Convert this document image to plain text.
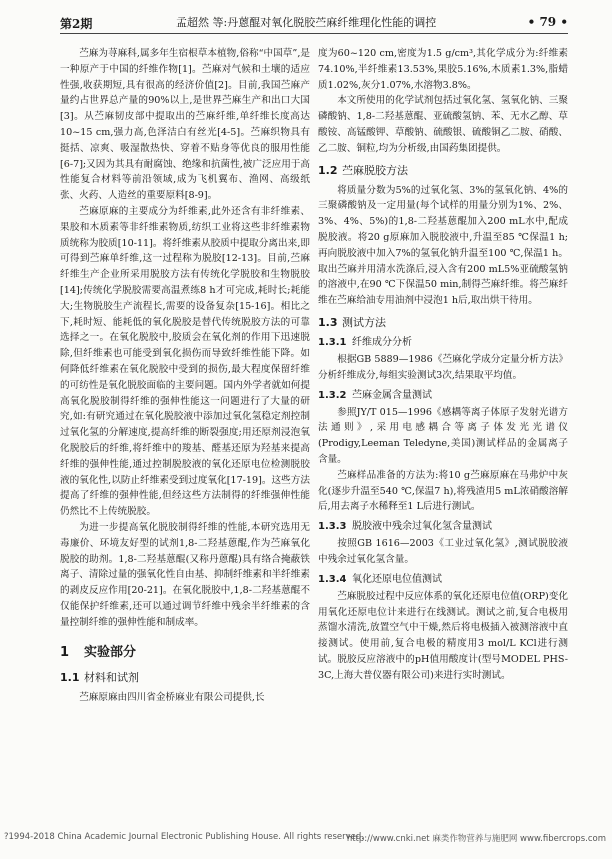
第2期	孟超然 等:丹蒽醌对氧化脱胶苎麻纤维理化性能的调控	• 79 •

苎麻为荨麻科,属多年生宿根草本植物,俗称“中国草”,是一种原产于中国的纤维作物[1]。苎麻对气候和土壤的适应性强,收获期短,具有很高的经济价值[2]。目前,我国苎麻产量约占世界总产量的90%以上,是世界苎麻生产和出口大国[3]。从苎麻韧皮部中提取出的苎麻纤维,单纤维长度高达10~15 cm,强力高,色泽洁白有丝光[4-5]。苎麻织物具有挺括、凉爽、吸湿散热快、穿着不贴身等优良的服用性能[6-7];又因为其具有耐腐蚀、绝缘和抗菌性,被广泛应用于高性能复合材料等前沿领域,成为飞机翼布、渔网、高级纸张、火药、人造丝的重要原料[8-9]。

苎麻原麻的主要成分为纤维素,此外还含有非纤维素、果胶和木质素等非纤维素物质,纺织工业将这些非纤维素物质统称为胶质[10-11]。将纤维素从胶质中提取分离出来,即可得到苎麻单纤维,这一过程称为脱胶[12-13]。目前,苎麻纤维生产企业所采用脱胶方法有传统化学脱胶和生物脱胶[14];传统化学脱胶需要高温煮练8 h才可完成,耗时长;耗能大;生物脱胶生产流程长,需要的设备复杂[15-16]。相比之下,耗时短、能耗低的氧化脱胶是替代传统脱胶方法的可靠选择之一。在氧化脱胶中,胶质会在氧化剂的作用下迅速脱除,但纤维素也可能受到氧化损伤而导致纤维性能下降。如何降低纤维素在氧化脱胶中受到的损伤,最大程度保留纤维的可纺性是氧化脱胶面临的主要问题。国内外学者就如何提高氧化脱胶制得纤维的强伸性能这一问题进行了大量的研究,如:有研究通过在氧化脱胶液中添加过氧化氢稳定剂控制过氧化氢的分解速度,提高纤维的断裂强度;用还原剂浸泡氧化脱胶后的纤维,将纤维中的羧基、醛基还原为羟基来提高纤维的强伸性能,通过控制脱胶液的氧化还原电位检测脱胶液的氧化性,以防止纤维素受到过度氧化[17-19]。这些方法提高了纤维的强伸性能,但经这些方法制得的纤维强伸性能仍然比不上传统脱胶。

为进一步提高氧化脱胶制得纤维的性能,本研究选用无毒廉价、环境友好型的试剂1,8-二羟基蒽醌,作为苎麻氧化脱胶的助剂。1,8-二羟基蒽醌(又称丹蒽醌)具有络合掩蔽铁离子、清除过量的强氧化性自由基、抑制纤维素和半纤维素的剥皮反应作用[20-21]。在氧化脱胶中,1,8-二羟基蒽醌不仅能保护纤维素,还可以通过调节纤维中残余半纤维素的含量控制纤维的强伸性能和制成率。

1 实验部分
1.1 材料和试剂

苎麻原麻由四川省金桥麻业有限公司提供,长

度为60~120 cm,密度为1.5 g/cm³,其化学成分为:纤维素74.10%,半纤维素13.53%,果胶5.16%,木质素1.3%,脂蜡质1.02%,灰分1.07%,水溶物3.8%。

本文所使用的化学试剂包括过氧化氢、氢氧化钠、三聚磷酸钠、1,8-二羟基蒽醌、亚硫酸氢钠、苯、无水乙醇、草酸铵、高锰酸钾、草酸钠、硫酸银、硫酸铜乙二胺、硝酸、乙二胺、铜粒,均为分析级,由国药集团提供。

1.2 苎麻脱胶方法

将质量分数为5%的过氧化氢、3%的氢氧化钠、4%的三聚磷酸钠及一定用量(每个试样的用量分别为1%、2%、3%、4%、5%)的1,8-二羟基蒽醌加入200 mL水中,配成脱胶液。将20 g原麻加入脱胶液中,升温至85 ℃保温1 h;再向脱胶液中加入7%的氢氧化钠升温至100 ℃,保温1 h。取出苎麻并用清水洗涤后,浸入含有200 mL5%亚硫酸氢钠的溶液中,在90 ℃下保温50 min,制得苎麻纤维。将苎麻纤维在苎麻给油专用油剂中浸泡1 h后,取出烘干待用。

1.3 测试方法
1.3.1 纤维成分分析

根据GB 5889—1986《苎麻化学成分定量分析方法》分析纤维成分,每组实验测试3次,结果取平均值。

1.3.2 苎麻金属含量测试

参照JY/T 015—1996《感耦等离子体原子发射光谱方法通则》,采用电感耦合等离子体发光光谱仪(Prodigy,Leeman Teledyne,美国)测试样品的金属离子含量。

苎麻样品准备的方法为:将10 g苎麻原麻在马弗炉中灰化(逐步升温至540 ℃,保温7 h),将残渣用5 mL浓硝酸溶解后,用去离子水稀释至1 L后进行测试。

1.3.3 脱胶液中残余过氧化氢含量测试

按照GB 1616—2003《工业过氧化氢》,测试脱胶液中残余过氧化氢含量。

1.3.4 氧化还原电位值测试

苎麻脱胶过程中反应体系的氧化还原电位值(ORP)变化用氧化还原电位计来进行在线测试。测试之前,复合电极用蒸馏水清洗,放置空气中干燥,然后将电极插入被测溶液中直接测试。使用前,复合电极的精度用3 mol/L KCl进行测试。脱胶反应溶液中的pH值用酸度计(型号MODEL PHS-3C,上海大普仪器有限公司)来进行实时测试。

?1994-2018 China Academic Journal Electronic Publishing House. All rights reserved.
http://www.cnki.net 麻类作物营养与施肥网 www.fibercrops.com
